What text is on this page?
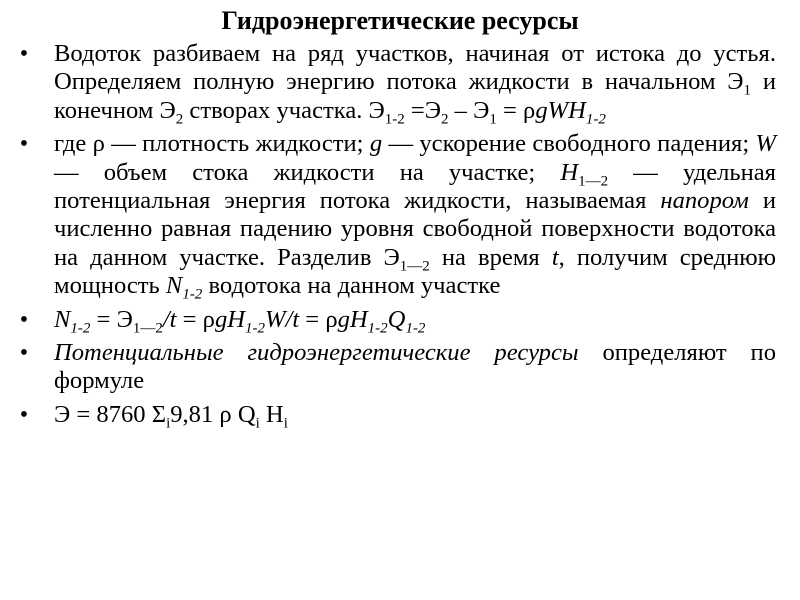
Гидроэнергетические ресурсы
• Водоток разбиваем на ряд участков, начиная от истока до устья. Определяем полную энергию потока жидкости в начальном $Э_1$ и конечном $Э_2$ створах участка. $Э_{1-2} =Э_2 - Э_1 = \rho gWH_{1-2}$
• где ρ — плотность жидкости; g — ускорение свободного падения; W — объем стока жидкости на участке; $H_{1—2}$ — удельная потенциальная энергия потока жидкости, называемая напором и численно равная падению уровня свободной поверхности водотока на данном участке. Разделив $Э_{1—2}$ на время t, получим среднюю мощность $N_{1-2}$ водотока на данном участке
• $N_{1-2} = Э_{1—2}/t = \rho gH_{1-2}W/t = \rho gH_{1-2}Q_{1-2}$
• Потенциальные гидроэнергетические ресурсы определяют по формуле
• Э = 8760 $\Sigma_i9,81$ ρ $Q_i$ $H_i$
